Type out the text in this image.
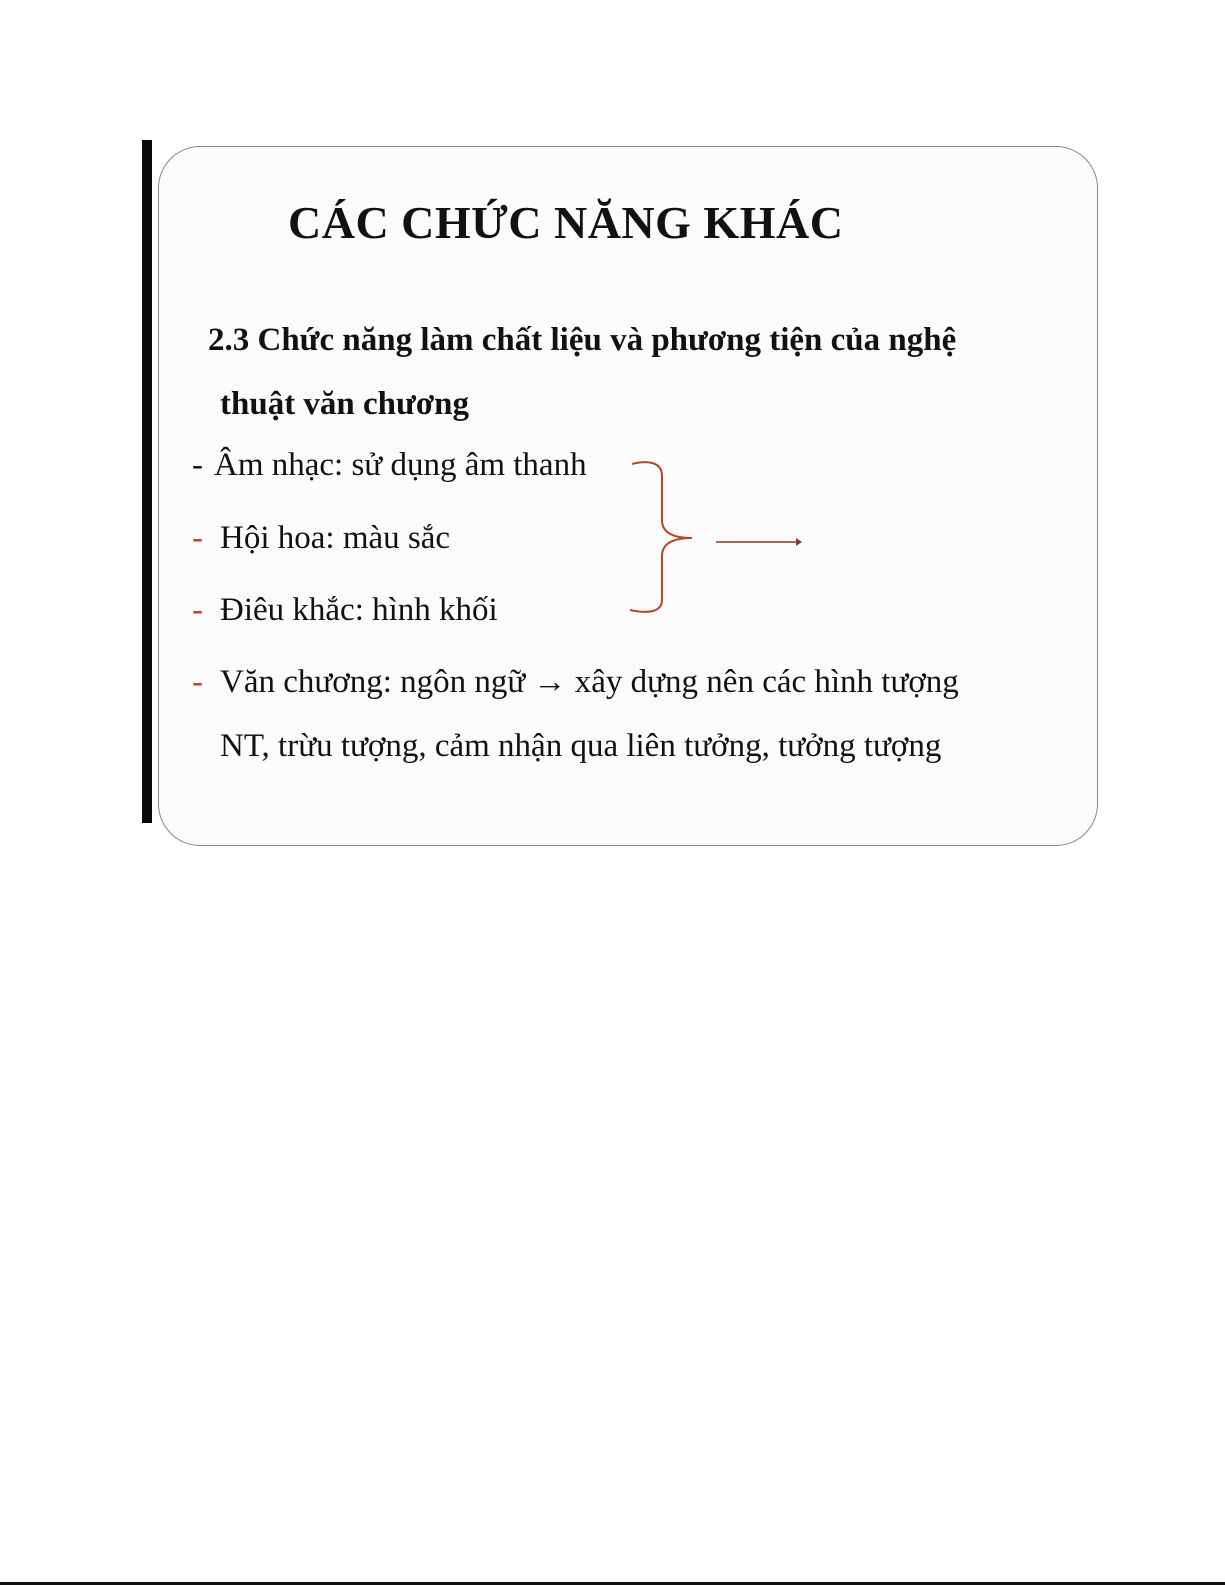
CÁC CHỨC NĂNG KHÁC
2.3 Chức năng làm chất liệu và phương tiện của nghệ
thuật văn chương
- Âm nhạc: sử dụng âm thanh
- Hội hoa: màu sắc
- Điêu khắc: hình khối
- Văn chương: ngôn ngữ → xây dựng nên các hình tượng
NT, trừu tượng, cảm nhận qua liên tưởng, tưởng tượng
